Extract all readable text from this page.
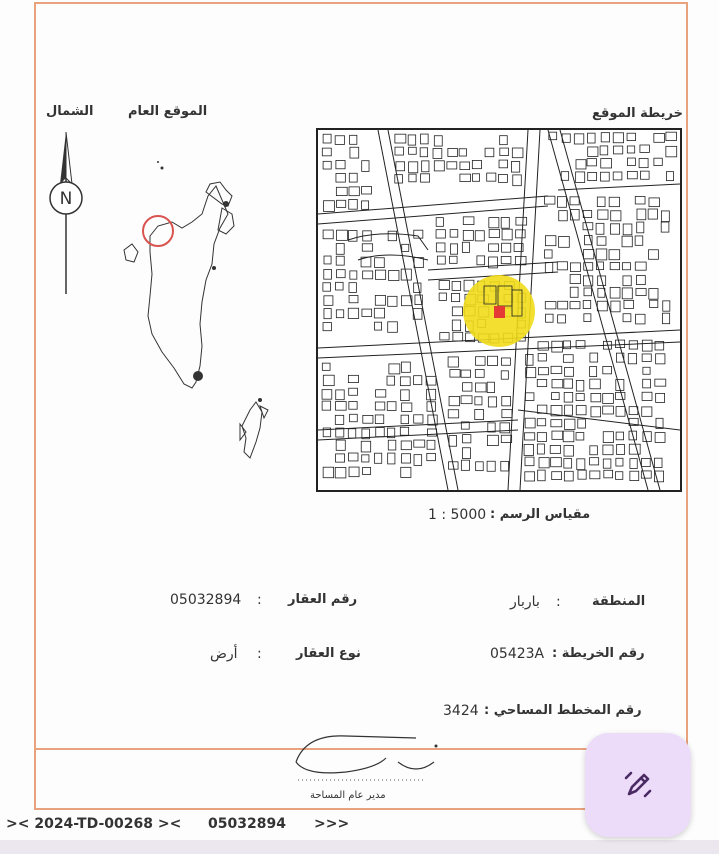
خريطة الموقع
الموقع العام
الشمال
N
مقياس الرسم :
1 : 5000
رقم العقار
:
05032894	المنطقة
:
باربار
نوع العقار
:
أرض	رقم الخريطة :
05423A
رقم المخطط المساحي :
3424
مدير عام المساحة
>< 2024-TD-00268 >< 05032894 >>>
